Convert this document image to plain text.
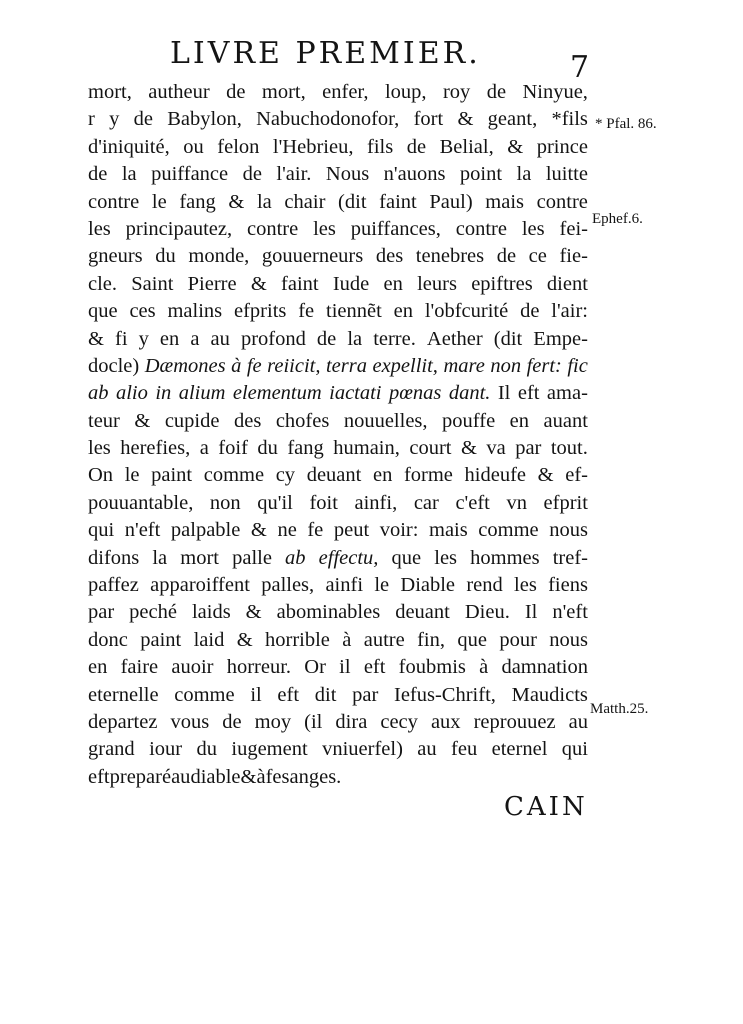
LIVRE PREMIER.	7
mort, autheur de mort, enfer, loup, roy de Ninyue,
r y de Babylon, Nabuchodonofor, fort & geant, *fils
d'iniquité, ou felon l'Hebrieu, fils de Belial, & prince
de la puiffance de l'air. Nous n'auons point la luitte
contre le fang & la chair (dit faint Paul) mais contre
les principautez, contre les puiffances, contre les fei-
gneurs du monde, gouuerneurs des tenebres de ce fie-
cle. Saint Pierre & faint Iude en leurs epiftres dient
que ces malins efprits fe tiennẽt en l'obfcurité de l'air:
& fi y en a au profond de la terre. Aether (dit Empe-
docle) Dæmones à fe reiicit, terra expellit, mare non fert: fic
ab alio in alium elementum iactati pœnas dant. Il eft ama-
teur & cupide des chofes nouuelles, pouffe en auant
les herefies, a foif du fang humain, court & va par tout.
On le paint comme cy deuant en forme hideufe & ef-
pouuantable, non qu'il foit ainfi, car c'eft vn efprit
qui n'eft palpable & ne fe peut voir: mais comme nous
difons la mort palle ab effectu, que les hommes tref-
paffez apparoiffent palles, ainfi le Diable rend les fiens
par peché laids & abominables deuant Dieu. Il n'eft
donc paint laid & horrible à autre fin, que pour nous
en faire auoir horreur. Or il eft foubmis à damnation
eternelle comme il eft dit par Iefus-Chrift, Maudicts
departez vous de moy (il dira cecy aux reprouuez au
grand iour du iugement vniuerfel) au feu eternel qui
eft preparé au diable & à fes anges.
* Pfal. 86.
Ephef.6.
Matth.25.
CAIN
